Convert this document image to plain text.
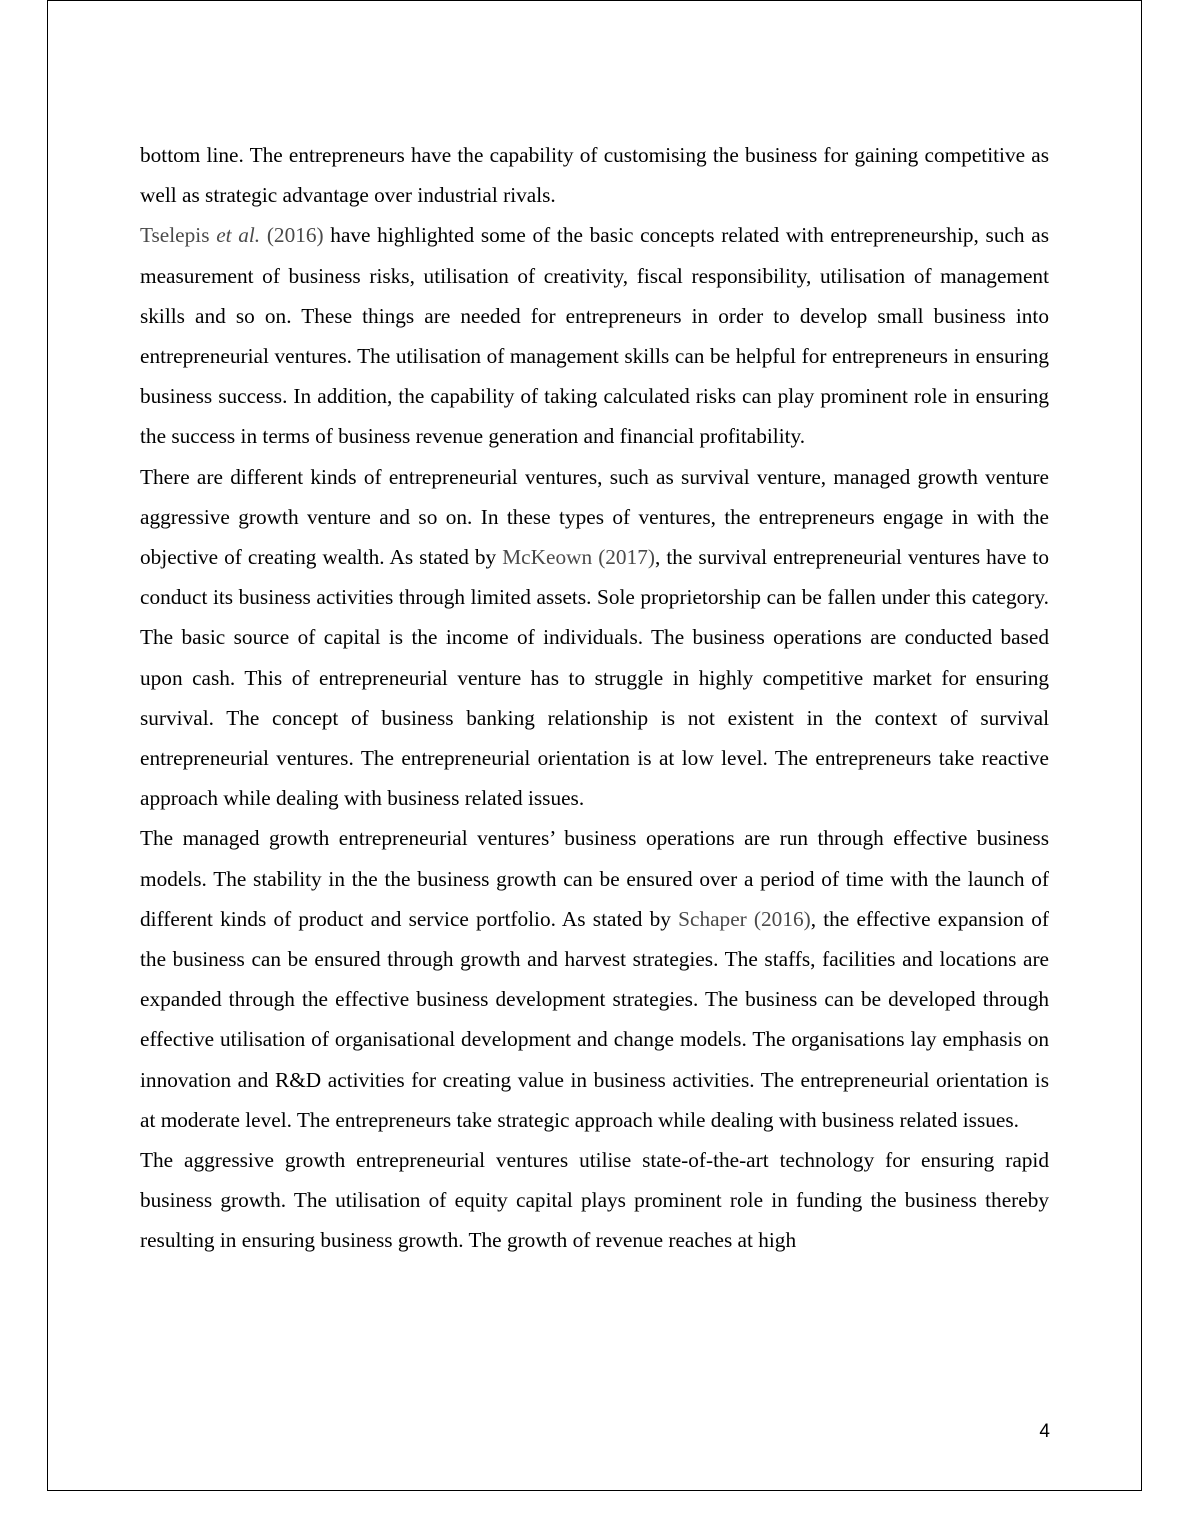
bottom line. The entrepreneurs have the capability of customising the business for gaining competitive as well as strategic advantage over industrial rivals.

Tselepis et al. (2016) have highlighted some of the basic concepts related with entrepreneurship, such as measurement of business risks, utilisation of creativity, fiscal responsibility, utilisation of management skills and so on. These things are needed for entrepreneurs in order to develop small business into entrepreneurial ventures. The utilisation of management skills can be helpful for entrepreneurs in ensuring business success. In addition, the capability of taking calculated risks can play prominent role in ensuring the success in terms of business revenue generation and financial profitability.

There are different kinds of entrepreneurial ventures, such as survival venture, managed growth venture aggressive growth venture and so on. In these types of ventures, the entrepreneurs engage in with the objective of creating wealth. As stated by McKeown (2017), the survival entrepreneurial ventures have to conduct its business activities through limited assets. Sole proprietorship can be fallen under this category. The basic source of capital is the income of individuals. The business operations are conducted based upon cash. This of entrepreneurial venture has to struggle in highly competitive market for ensuring survival. The concept of business banking relationship is not existent in the context of survival entrepreneurial ventures. The entrepreneurial orientation is at low level. The entrepreneurs take reactive approach while dealing with business related issues.

The managed growth entrepreneurial ventures’ business operations are run through effective business models. The stability in the the business growth can be ensured over a period of time with the launch of different kinds of product and service portfolio. As stated by Schaper (2016), the effective expansion of the business can be ensured through growth and harvest strategies. The staffs, facilities and locations are expanded through the effective business development strategies. The business can be developed through effective utilisation of organisational development and change models. The organisations lay emphasis on innovation and R&D activities for creating value in business activities. The entrepreneurial orientation is at moderate level. The entrepreneurs take strategic approach while dealing with business related issues.

The aggressive growth entrepreneurial ventures utilise state-of-the-art technology for ensuring rapid business growth. The utilisation of equity capital plays prominent role in funding the business thereby resulting in ensuring business growth. The growth of revenue reaches at high

4
